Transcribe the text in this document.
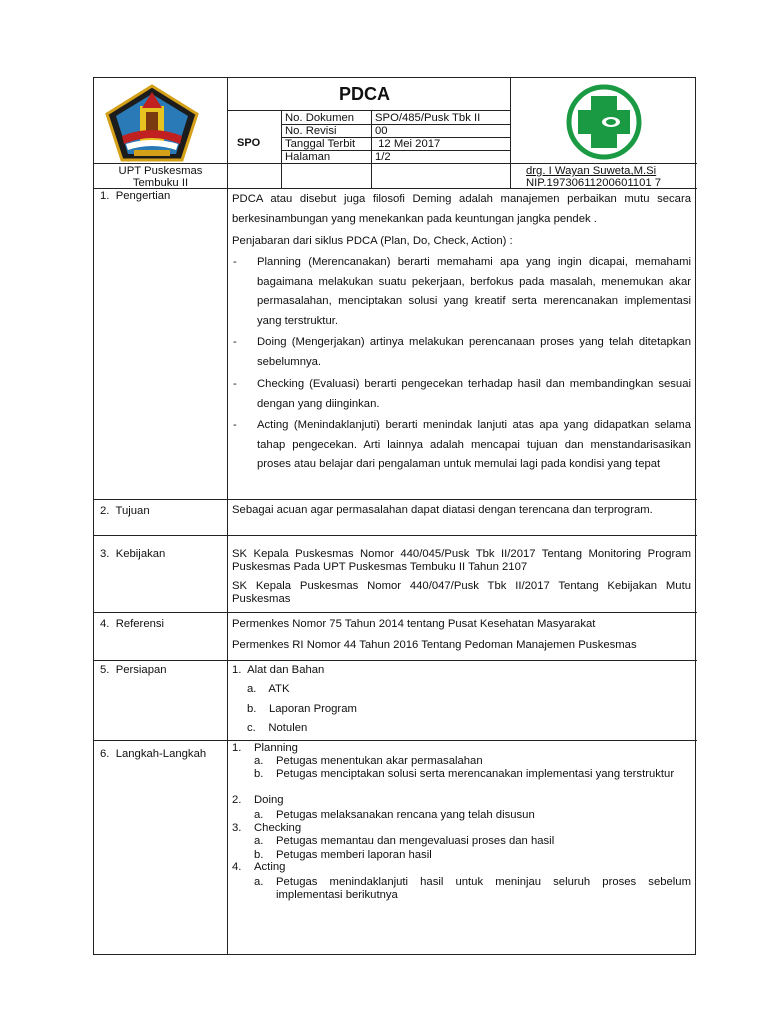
PDCA
SPO
No. Dokumen SPO/485/Pusk Tbk II
No. Revisi	00
Tanggal Terbit 12 Mei 2017
Halaman	1/2
UPT Puskesmas
Tembuku II
drg. I Wayan Suweta,M.Si
NIP.19730611200601101 7
1.  Pengertian
2.  Tujuan
3.  Kebijakan
4.  Referensi
5.  Persiapan
6.  Langkah-Langkah
PDCA atau disebut juga filosofi Deming adalah manajemen perbaikan mutu secara berkesinambungan yang menekankan pada keuntungan jangka pendek .
Penjabaran dari siklus PDCA (Plan, Do, Check, Action) :
- Planning (Merencanakan) berarti memahami apa yang ingin dicapai, memahami bagaimana melakukan suatu pekerjaan, berfokus pada masalah, menemukan akar permasalahan, menciptakan solusi yang kreatif serta merencanakan implementasi yang terstruktur.
- Doing (Mengerjakan) artinya melakukan perencanaan proses yang telah ditetapkan sebelumnya.
- Checking (Evaluasi) berarti pengecekan terhadap hasil dan membandingkan sesuai dengan yang diinginkan.
- Acting (Menindaklanjuti) berarti menindak lanjuti atas apa yang didapatkan selama tahap pengecekan. Arti lainnya adalah mencapai tujuan dan menstandarisasikan proses atau belajar dari pengalaman untuk memulai lagi pada kondisi yang tepat
Sebagai acuan agar permasalahan dapat diatasi dengan terencana dan terprogram.
SK Kepala Puskesmas Nomor 440/045/Pusk Tbk II/2017 Tentang Monitoring Program Puskesmas Pada UPT Puskesmas Tembuku II Tahun 2107
SK Kepala Puskesmas Nomor 440/047/Pusk Tbk II/2017 Tentang Kebijakan Mutu Puskesmas
Permenkes Nomor 75 Tahun 2014 tentang Pusat Kesehatan Masyarakat
Permenkes RI Nomor 44 Tahun 2016 Tentang Pedoman Manajemen Puskesmas
1.  Alat dan Bahan
a.    ATK
b.    Laporan Program
c.    Notulen
1. Planning
a. Petugas menentukan akar permasalahan
b. Petugas menciptakan solusi serta merencanakan implementasi yang terstruktur
2. Doing
a. Petugas melaksanakan rencana yang telah disusun
3. Checking
a. Petugas memantau dan mengevaluasi proses dan hasil
b. Petugas memberi laporan hasil
4. Acting
a. Petugas menindaklanjuti hasil untuk meninjau seluruh proses sebelum implementasi berikutnya
